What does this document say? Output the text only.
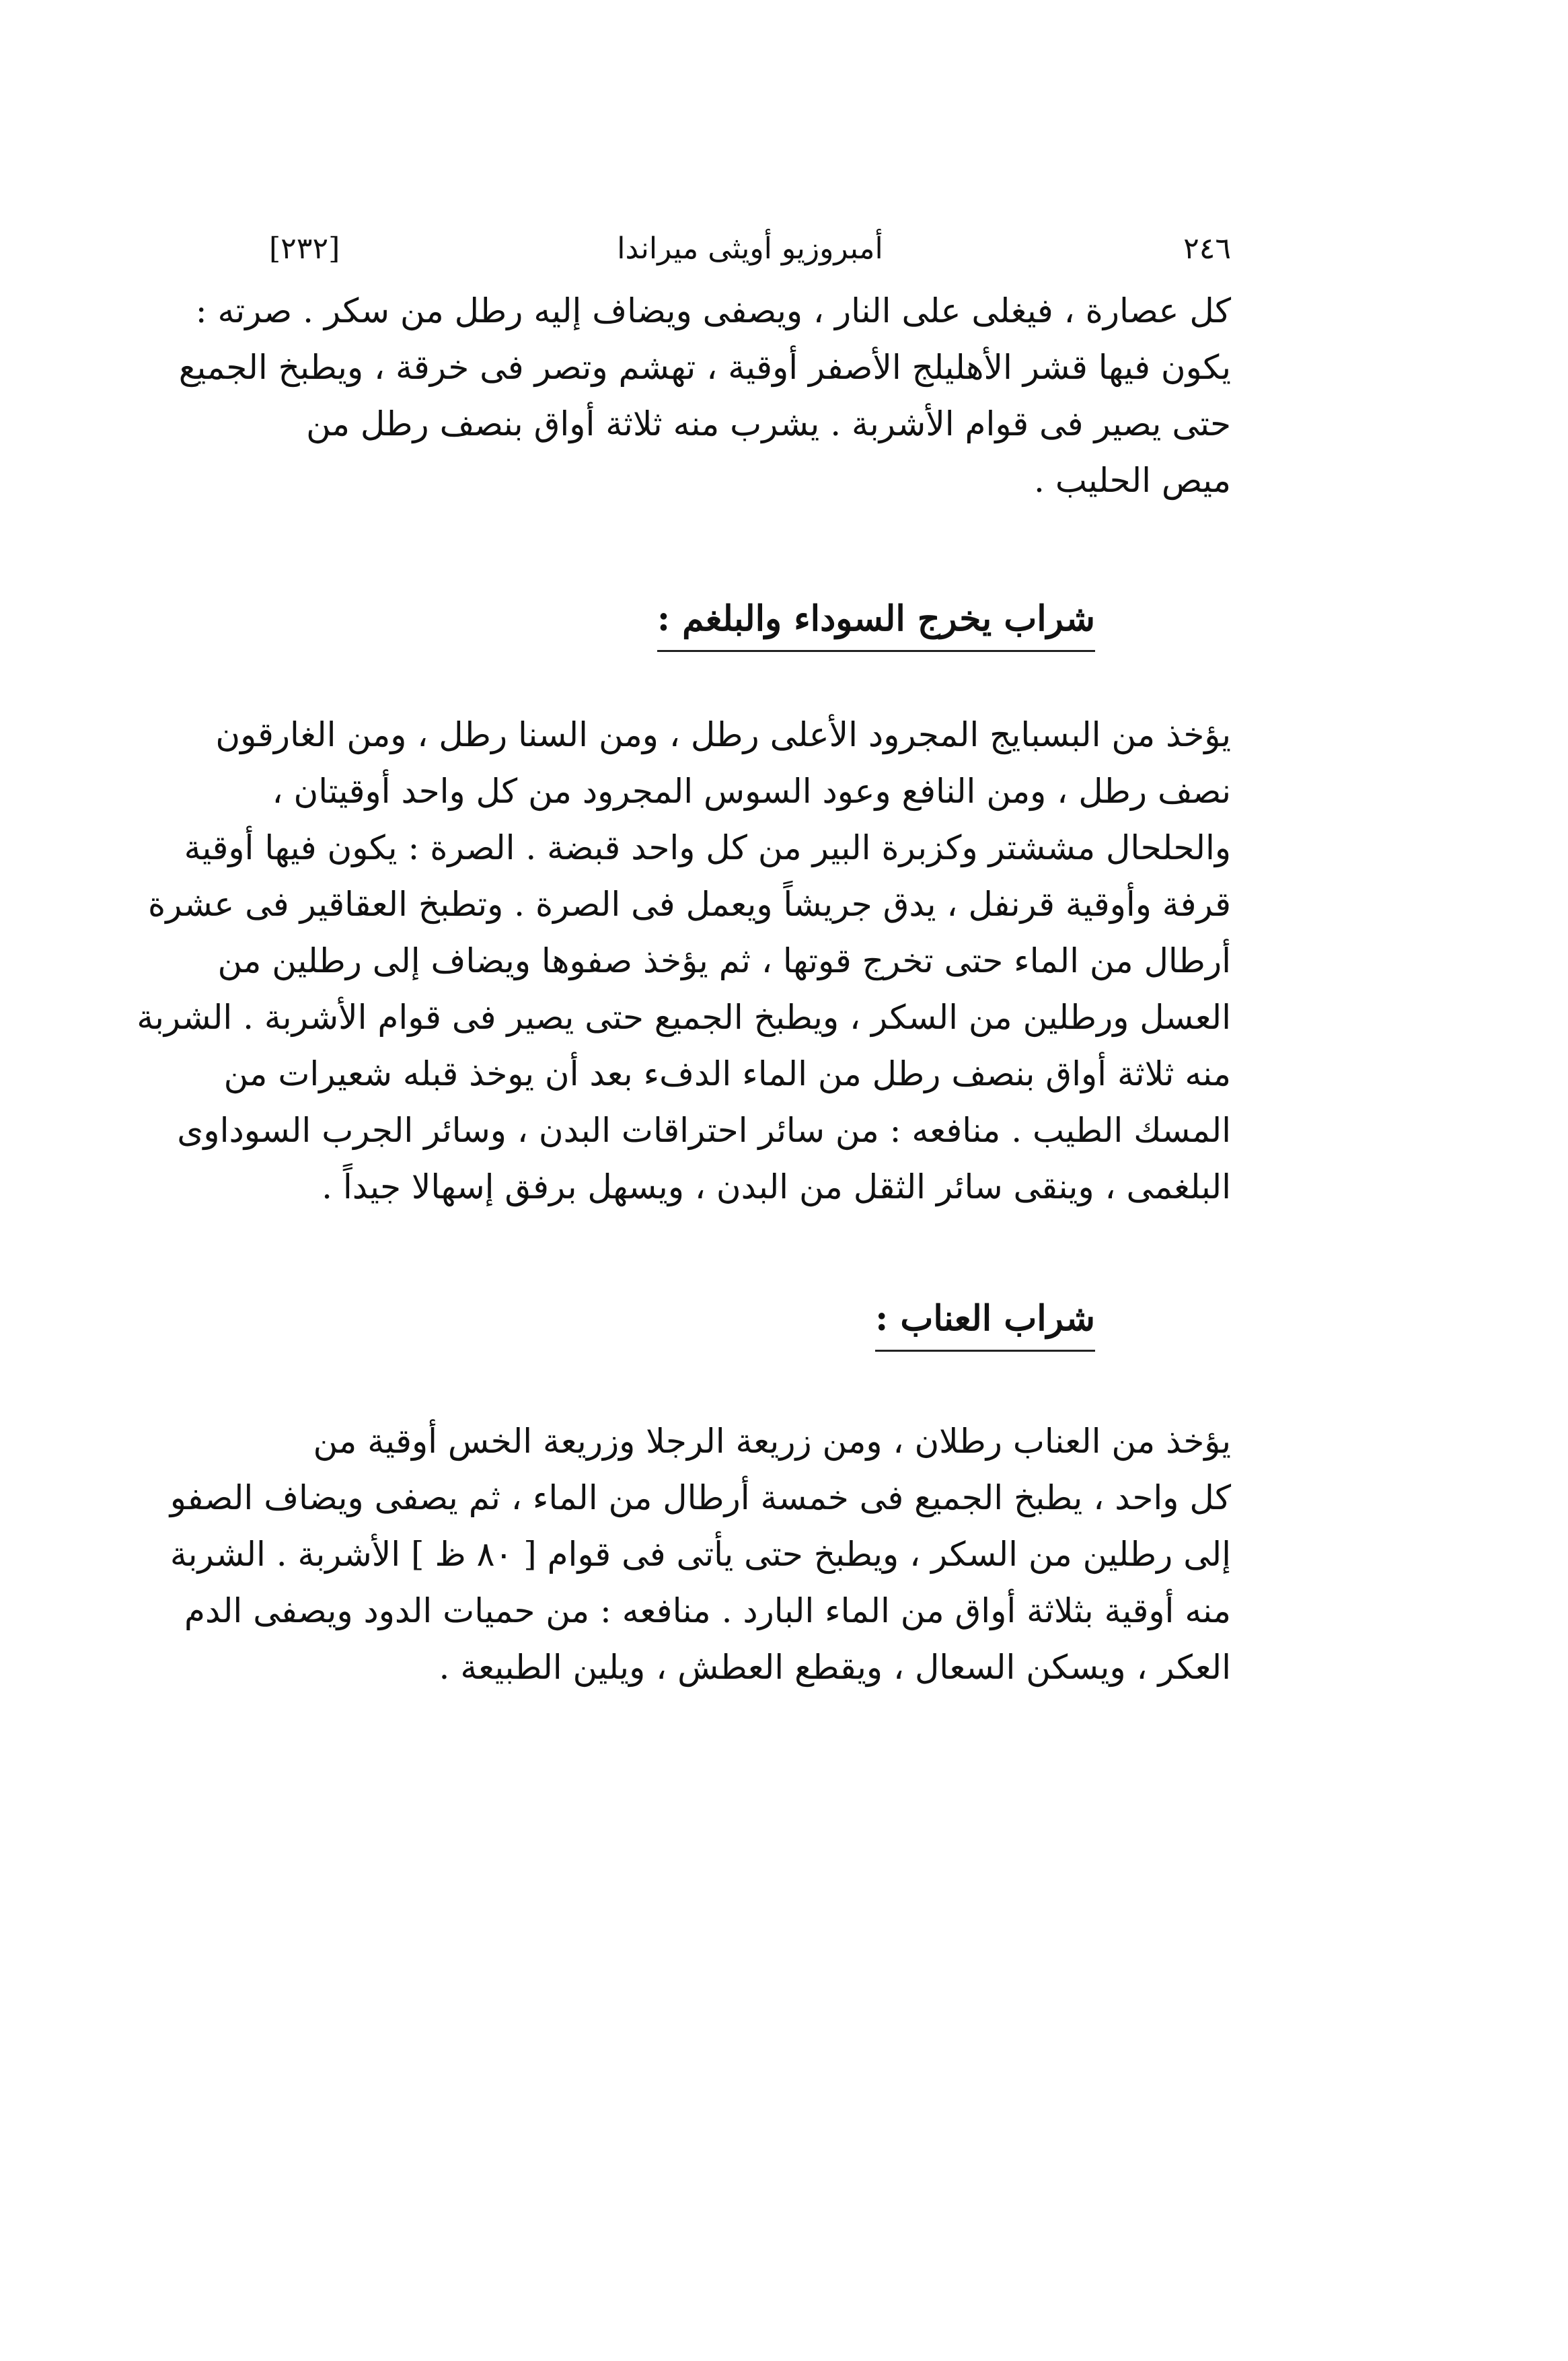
[٢٣٢]	أمبروزيو أويثى ميراندا	٢٤٦
كل عصارة ، فيغلى على النار ، ويصفى ويضاف إليه رطل من سكر . صرته :
يكون فيها قشر الأهليلج الأصفر أوقية ، تهشم وتصر فى خرقة ، ويطبخ الجميع
حتى يصير فى قوام الأشربة . يشرب منه ثلاثة أواق بنصف رطل من
ميص الحليب .
شراب يخرج السوداء والبلغم :
يؤخذ من البسبايج المجرود الأعلى رطل ، ومن السنا رطل ، ومن الغارقون
نصف رطل ، ومن النافع وعود السوس المجرود من كل واحد أوقيتان ،
والحلحال مششتر وكزبرة البير من كل واحد قبضة . الصرة : يكون فيها أوقية
قرفة وأوقية قرنفل ، يدق جريشاً ويعمل فى الصرة . وتطبخ العقاقير فى عشرة
أرطال من الماء حتى تخرج قوتها ، ثم يؤخذ صفوها ويضاف إلى رطلين من
العسل ورطلين من السكر ، ويطبخ الجميع حتى يصير فى قوام الأشربة . الشربة
منه ثلاثة أواق بنصف رطل من الماء الدفء بعد أن يوخذ قبله شعيرات من
المسك الطيب . منافعه : من سائر احتراقات البدن ، وسائر الجرب السوداوى
البلغمى ، وينقى سائر الثقل من البدن ، ويسهل برفق إسهالا جيداً .
شراب العناب :
يؤخذ من العناب رطلان ، ومن زريعة الرجلا وزريعة الخس أوقية من
كل واحد ، يطبخ الجميع فى خمسة أرطال من الماء ، ثم يصفى ويضاف الصفو
إلى رطلين من السكر ، ويطبخ حتى يأتى فى قوام [ ٨٠ ظ ] الأشربة . الشربة
منه أوقية بثلاثة أواق من الماء البارد . منافعه : من حميات الدود ويصفى الدم
العكر ، ويسكن السعال ، ويقطع العطش ، ويلين الطبيعة .
